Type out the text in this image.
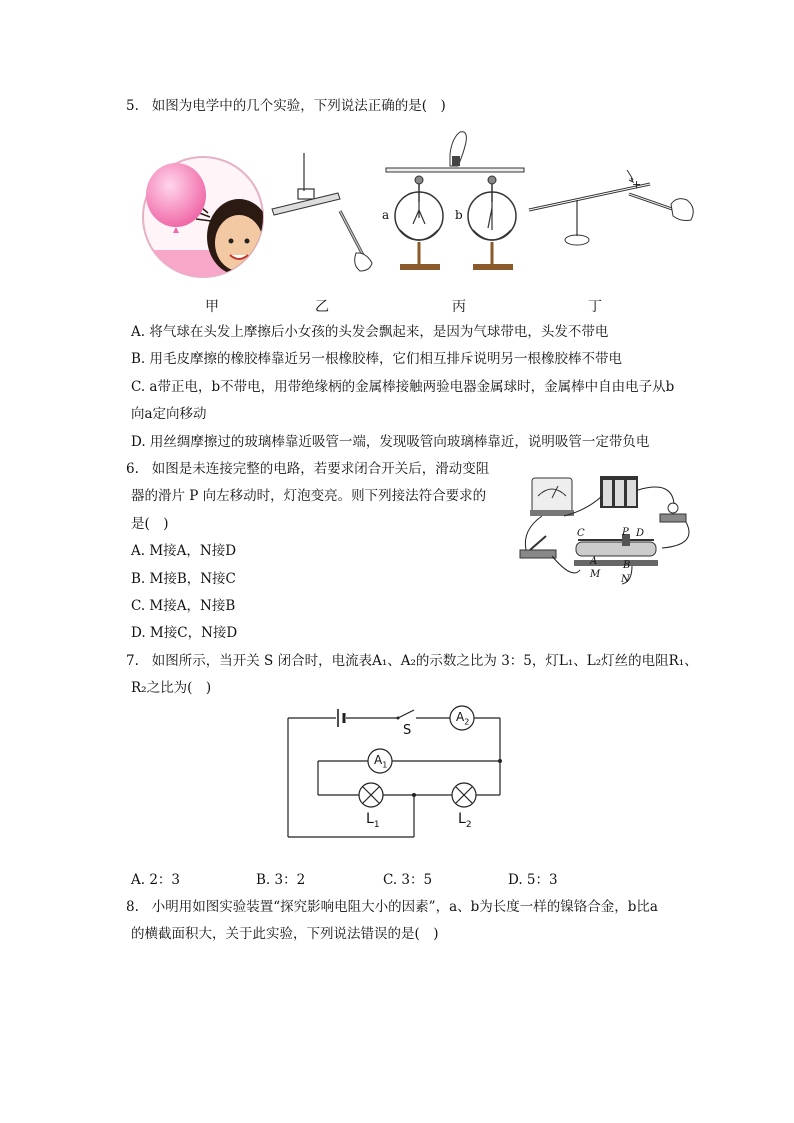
5. 如图为电学中的几个实验，下列说法正确的是(　)
a	b
+
甲	乙	丙	丁
A. 将气球在头发上摩擦后小女孩的头发会飘起来，是因为气球带电，头发不带电
B. 用毛皮摩擦的橡胶棒靠近另一根橡胶棒，它们相互排斥说明另一根橡胶棒不带电
C. a带正电，b不带电，用带绝缘柄的金属棒接触两验电器金属球时，金属棒中自由电子从b
向a定向移动
D. 用丝绸摩擦过的玻璃棒靠近吸管一端，发现吸管向玻璃棒靠近，说明吸管一定带负电
6. 如图是未连接完整的电路，若要求闭合开关后，滑动变阻
器的滑片 P 向左移动时，灯泡变亮。则下列接法符合要求的
是(　)
A. M接A，N接D
B. M接B，N接C
C. M接A，N接B
D. M接C，N接D
C	P D
A	B
M N
7. 如图所示，当开关 S 闭合时，电流表A₁、A₂的示数之比为 3：5，灯L₁、L₂灯丝的电阻R₁、
R₂之比为(　)
S
$A_2$
$A_1$
$L_1$	$L_2$
A. 2：3	B. 3：2	C. 3：5	D. 5：3
8. 小明用如图实验装置“探究影响电阻大小的因素”，a、b为长度一样的镍铬合金，b比a
的横截面积大，关于此实验，下列说法错误的是(　)
